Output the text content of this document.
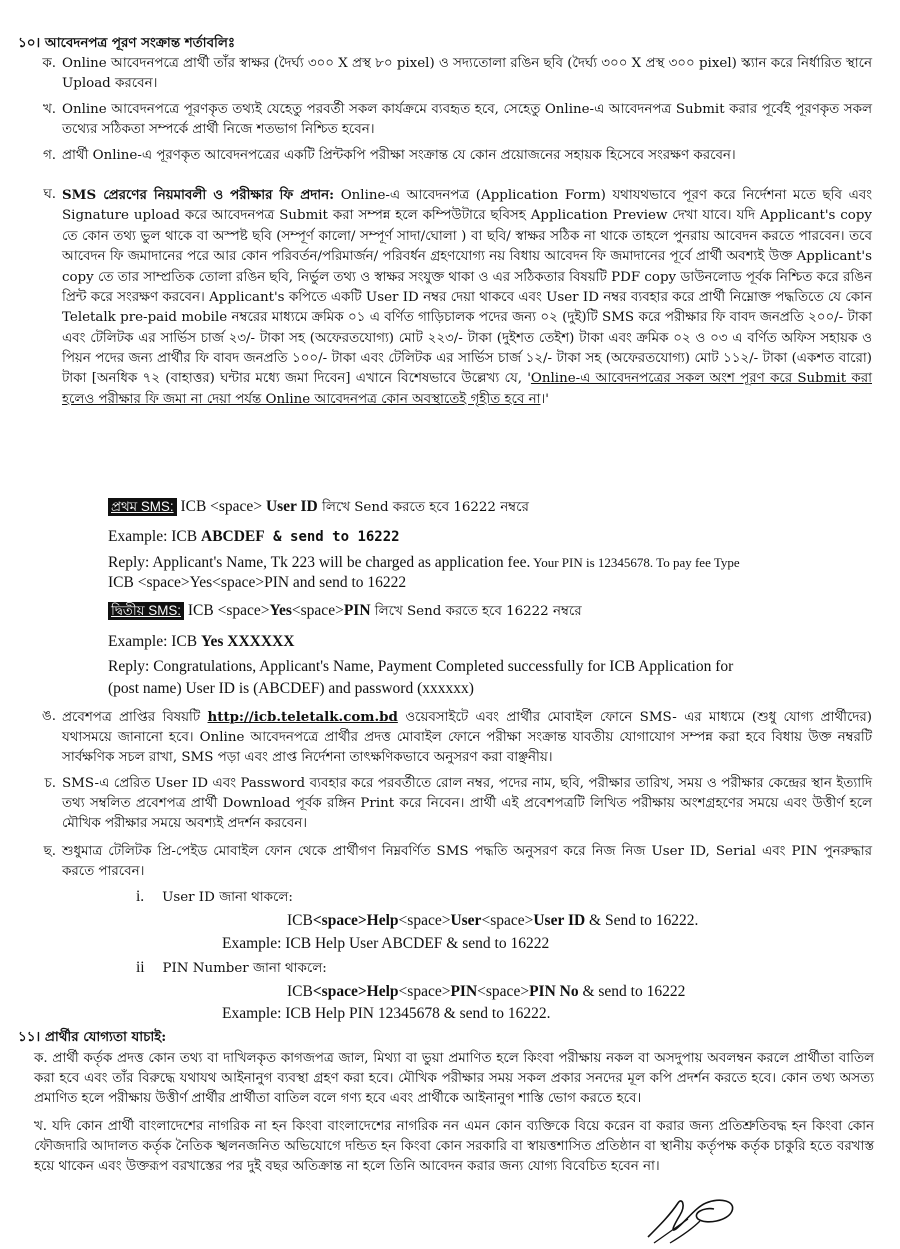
১০। আবেদনপত্র পূরণ সংক্রান্ত শর্তাবলিঃ
ক. Online আবেদনপত্রে প্রার্থী তাঁর স্বাক্ষর (দৈর্ঘ্য ৩০০ X প্রস্থ ৮০ pixel) ও সদ্যতোলা রঙিন ছবি (দৈর্ঘ্য ৩০০ X প্রস্থ ৩০০ pixel) স্ক্যান করে নির্ধারিত স্থানে Upload করবেন।
খ. Online আবেদনপত্রে পূরণকৃত তথ্যই যেহেতু পরবর্তী সকল কার্যক্রমে ব্যবহৃত হবে, সেহেতু Online-এ আবেদনপত্র Submit করার পূর্বেই পূরণকৃত সকল তথ্যের সঠিকতা সম্পর্কে প্রার্থী নিজে শতভাগ নিশ্চিত হবেন।
গ. প্রার্থী Online-এ পূরণকৃত আবেদনপত্রের একটি প্রিন্টকপি পরীক্ষা সংক্রান্ত যে কোন প্রয়োজনের সহায়ক হিসেবে সংরক্ষণ করবেন।
ঘ. SMS প্রেরণের নিয়মাবলী ও পরীক্ষার ফি প্রদান: Online-এ আবেদনপত্র (Application Form) যথাযথভাবে পূরণ করে নির্দেশনা মতে ছবি এবং Signature upload করে আবেদনপত্র Submit করা সম্পন্ন হলে কম্পিউটারে ছবিসহ Application Preview দেখা যাবে। যদি Applicant's copy তে কোন তথ্য ভুল থাকে বা অস্পষ্ট ছবি (সম্পূর্ণ কালো/ সম্পূর্ণ সাদা/ঘোলা ) বা ছবি/ স্বাক্ষর সঠিক না থাকে তাহলে পুনরায় আবেদন করতে পারবেন। তবে আবেদন ফি জমাদানের পরে আর কোন পরিবর্তন/পরিমার্জন/ পরিবর্ধন গ্রহণযোগ্য নয় বিধায় আবেদন ফি জমাদানের পূর্বে প্রার্থী অবশ্যই উক্ত Applicant's copy তে তার সাম্প্রতিক তোলা রঙিন ছবি, নির্ভুল তথ্য ও স্বাক্ষর সংযুক্ত থাকা ও এর সঠিকতার বিষয়টি PDF copy ডাউনলোড পূর্বক নিশ্চিত করে রঙিন প্রিন্ট করে সংরক্ষণ করবেন। Applicant's কপিতে একটি User ID নম্বর দেয়া থাকবে এবং User ID নম্বর ব্যবহার করে প্রার্থী নিম্নোক্ত পদ্ধতিতে যে কোন Teletalk pre-paid mobile নম্বরের মাধ্যমে ক্রমিক ০১ এ বর্ণিত গাড়িচালক পদের জন্য ০২ (দুই)টি SMS করে পরীক্ষার ফি বাবদ জনপ্রতি ২০০/- টাকা এবং টেলিটক এর সার্ভিস চার্জ ২৩/- টাকা সহ (অফেরতযোগ্য) মোট ২২৩/- টাকা (দুইশত তেইশ) টাকা এবং ক্রমিক ০২ ও ০৩ এ বর্ণিত অফিস সহায়ক ও পিয়ন পদের জন্য প্রার্থীর ফি বাবদ জনপ্রতি ১০০/- টাকা এবং টেলিটক এর সার্ভিস চার্জ ১২/- টাকা সহ (অফেরতযোগ্য) মোট ১১২/- টাকা (একশত বারো) টাকা [অনধিক ৭২ (বাহাত্তর) ঘন্টার মধ্যে জমা দিবেন] এখানে বিশেষভাবে উল্লেখ্য যে, 'Online-এ আবেদনপত্রের সকল অংশ পূরণ করে Submit করা হলেও পরীক্ষার ফি জমা না দেয়া পর্যন্ত Online আবেদনপত্র কোন অবস্থাতেই গৃহীত হবে না।'
প্রথম SMS: ICB <space> User ID লিখে Send করতে হবে 16222 নম্বরে
Example: ICB ABCDEF & send to 16222
Reply: Applicant's Name, Tk 223 will be charged as application fee. Your PIN is 12345678. To pay fee Type
ICB <space>Yes<space>PIN and send to 16222
দ্বিতীয় SMS: ICB <space>Yes<space>PIN লিখে Send করতে হবে 16222 নম্বরে
Example: ICB Yes XXXXXX
Reply: Congratulations, Applicant's Name, Payment Completed successfully for ICB Application for
(post name) User ID is (ABCDEF) and password (xxxxxx)
ঙ. প্রবেশপত্র প্রাপ্তির বিষয়টি http://icb.teletalk.com.bd ওয়েবসাইটে এবং প্রার্থীর মোবাইল ফোনে SMS- এর মাধ্যমে (শুধু যোগ্য প্রার্থীদের) যথাসময়ে জানানো হবে। Online আবেদনপত্রে প্রার্থীর প্রদত্ত মোবাইল ফোনে পরীক্ষা সংক্রান্ত যাবতীয় যোগাযোগ সম্পন্ন করা হবে বিধায় উক্ত নম্বরটি সার্বক্ষণিক সচল রাখা, SMS পড়া এবং প্রাপ্ত নির্দেশনা তাৎক্ষণিকভাবে অনুসরণ করা বাঞ্ছনীয়।
চ. SMS-এ প্রেরিত User ID এবং Password ব্যবহার করে পরবর্তীতে রোল নম্বর, পদের নাম, ছবি, পরীক্ষার তারিখ, সময় ও পরীক্ষার কেন্দ্রের স্থান ইত্যাদি তথ্য সম্বলিত প্রবেশপত্র প্রার্থী Download পূর্বক রঙ্গিন Print করে নিবেন। প্রার্থী এই প্রবেশপত্রটি লিখিত পরীক্ষায় অংশগ্রহণের সময়ে এবং উত্তীর্ণ হলে মৌখিক পরীক্ষার সময়ে অবশ্যই প্রদর্শন করবেন।
ছ. শুধুমাত্র টেলিটক প্রি-পেইড মোবাইল ফোন থেকে প্রার্থীগণ নিম্নবর্ণিত SMS পদ্ধতি অনুসরণ করে নিজ নিজ User ID, Serial এবং PIN পুনরুদ্ধার করতে পারবেন।
i. User ID জানা থাকলে:
ICB<space>Help<space>User<space>User ID & Send to 16222.
Example: ICB Help User ABCDEF & send to 16222
ii PIN Number জানা থাকলে:
ICB<space>Help<space>PIN<space>PIN No & send to 16222
Example: ICB Help PIN 12345678 & send to 16222.
১১। প্রার্থীর যোগ্যতা যাচাই:
ক. প্রার্থী কর্তৃক প্রদত্ত কোন তথ্য বা দাখিলকৃত কাগজপত্র জাল, মিথ্যা বা ভুয়া প্রমাণিত হলে কিংবা পরীক্ষায় নকল বা অসদুপায় অবলম্বন করলে প্রার্থীতা বাতিল করা হবে এবং তাঁর বিরুদ্ধে যথাযথ আইনানুগ ব্যবস্থা গ্রহণ করা হবে। মৌখিক পরীক্ষার সময় সকল প্রকার সনদের মূল কপি প্রদর্শন করতে হবে। কোন তথ্য অসত্য প্রমাণিত হলে পরীক্ষায় উত্তীর্ণ প্রার্থীর প্রার্থীতা বাতিল বলে গণ্য হবে এবং প্রার্থীকে আইনানুগ শাস্তি ভোগ করতে হবে।
খ. যদি কোন প্রার্থী বাংলাদেশের নাগরিক না হন কিংবা বাংলাদেশের নাগরিক নন এমন কোন ব্যক্তিকে বিয়ে করেন বা করার জন্য প্রতিশ্রুতিবদ্ধ হন কিংবা কোন ফৌজদারি আদালত কর্তৃক নৈতিক স্খলনজনিত অভিযোগে দন্ডিত হন কিংবা কোন সরকারি বা স্বায়ত্তশাসিত প্রতিষ্ঠান বা স্থানীয় কর্তৃপক্ষ কর্তৃক চাকুরি হতে বরখাস্ত হয়ে থাকেন এবং উক্তরূপ বরখাস্তের পর দুই বছর অতিক্রান্ত না হলে তিনি আবেদন করার জন্য যোগ্য বিবেচিত হবেন না।
